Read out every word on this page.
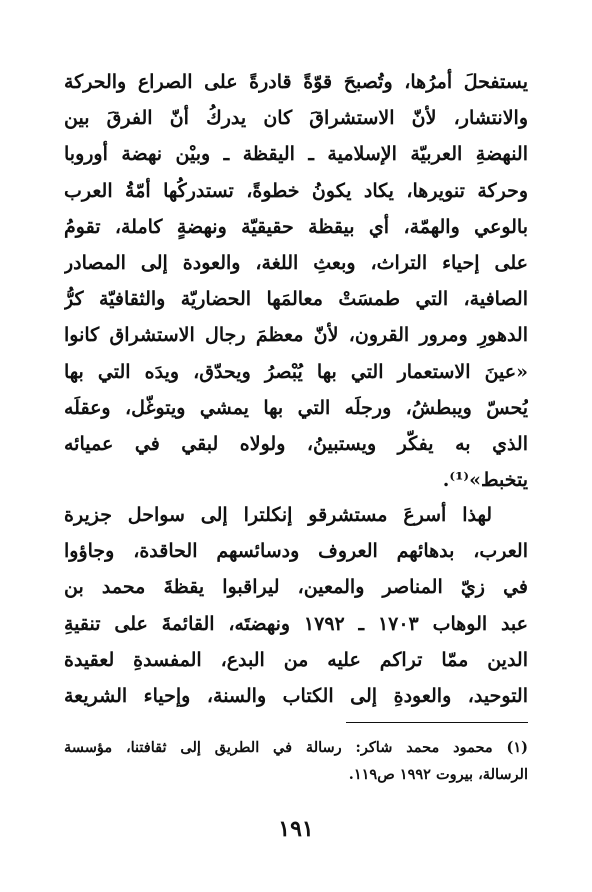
يستفحلَ أمرُها، وتُصبحَ قوّةً قادرةً على الصراع والحركة
والانتشار، لأنّ الاستشراقَ كان يدركُ أنّ الفرقَ بين
النهضةِ العربيّة الإسلامية ـ اليقظة ـ وبيْن نهضة أوروبا
وحركة تنويرها، يكاد يكونُ خطوةً، تستدركُها أمّةُ العرب
بالوعي والهمّة، أي بيقظة حقيقيّة ونهضةٍ كاملة، تقومُ
على إحياء التراث، وبعثِ اللغة، والعودة إلى المصادر
الصافية، التي طمسَتْ معالمَها الحضاريّة والثقافيّة كرُّ
الدهورِ ومرور القرون، لأنّ معظمَ رجال الاستشراق كانوا
«عينَ الاستعمار التي بها يُبْصرُ ويحدّق، ويدَه التي بها
يُحسّ ويبطشُ، ورجلَه التي بها يمشي ويتوغّل، وعقلَه
الذي به يفكّر ويستبينُ، ولولاه لبقي في عميائه
يتخبط»⁽¹⁾.
لهذا أسرعَ مستشرقو إنكلترا إلى سواحل جزيرة
العرب، بدهائهم العروف ودسائسهم الحاقدة، وجاؤوا
في زيّ المناصر والمعين، ليراقبوا يقظةَ محمد بن
عبد الوهاب ١٧٠٣ ـ ١٧٩٢ ونهضتَه، القائمةَ على تنقيةِ
الدين ممّا تراكم عليه من البدع، المفسدةِ لعقيدة
التوحيد، والعودةِ إلى الكتاب والسنة، وإحياء الشريعة
(١) محمود محمد شاكر: رسالة في الطريق إلى ثقافتنا، مؤسسة
الرسالة، بيروت ١٩٩٢ ص١١٩.
١٩١
